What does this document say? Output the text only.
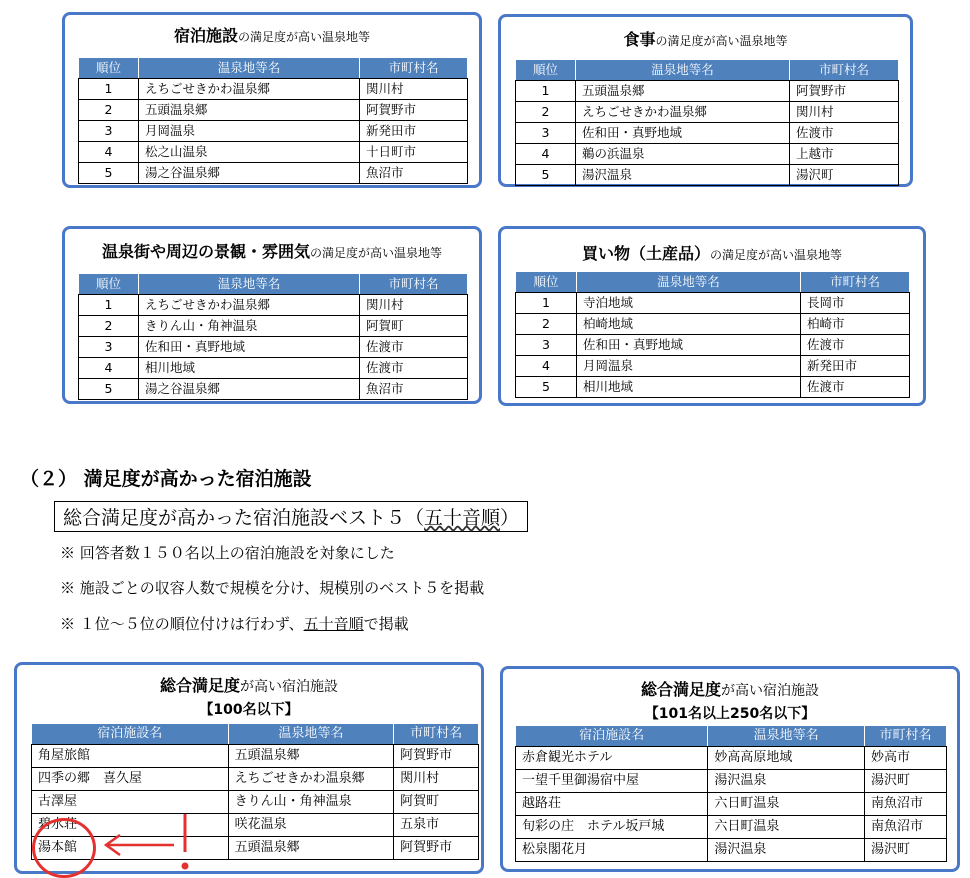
宿泊施設の満足度が高い温泉地等
順位	温泉地等名	市町村名
1	えちごせきかわ温泉郷	関川村
2	五頭温泉郷	阿賀野市
3	月岡温泉	新発田市
4	松之山温泉	十日町市
5	湯之谷温泉郷	魚沼市
食事の満足度が高い温泉地等
順位	温泉地等名	市町村名
1	五頭温泉郷	阿賀野市
2	えちごせきかわ温泉郷	関川村
3	佐和田・真野地域	佐渡市
4	鵜の浜温泉	上越市
5	湯沢温泉	湯沢町
温泉街や周辺の景観・雰囲気の満足度が高い温泉地等
順位	温泉地等名	市町村名
1	えちごせきかわ温泉郷	関川村
2	きりん山・角神温泉	阿賀町
3	佐和田・真野地域	佐渡市
4	相川地域	佐渡市
5	湯之谷温泉郷	魚沼市
買い物（土産品）の満足度が高い温泉地等
順位	温泉地等名	市町村名
1	寺泊地域	長岡市
2	柏崎地域	柏崎市
3	佐和田・真野地域	佐渡市
4	月岡温泉	新発田市
5	相川地域	佐渡市
（２） 満足度が高かった宿泊施設
総合満足度が高かった宿泊施設ベスト５（五十音順）
※ 回答者数１５０名以上の宿泊施設を対象にした
※ 施設ごとの収容人数で規模を分け、規模別のベスト５を掲載
※ １位～５位の順位付けは行わず、五十音順で掲載
総合満足度が高い宿泊施設
【100名以下】
宿泊施設名	温泉地等名	市町村名
角屋旅館	五頭温泉郷	阿賀野市
四季の郷　喜久屋	えちごせきかわ温泉郷	関川村
古澤屋	きりん山・角神温泉	阿賀町
碧水荘	咲花温泉	五泉市
湯本館	五頭温泉郷	阿賀野市
総合満足度が高い宿泊施設
【101名以上250名以下】
宿泊施設名	温泉地等名	市町村名
赤倉観光ホテル	妙高高原地域	妙高市
一望千里御湯宿中屋	湯沢温泉	湯沢町
越路荘	六日町温泉	南魚沼市
旬彩の庄　ホテル坂戸城	六日町温泉	南魚沼市
松泉閣花月	湯沢温泉	湯沢町
